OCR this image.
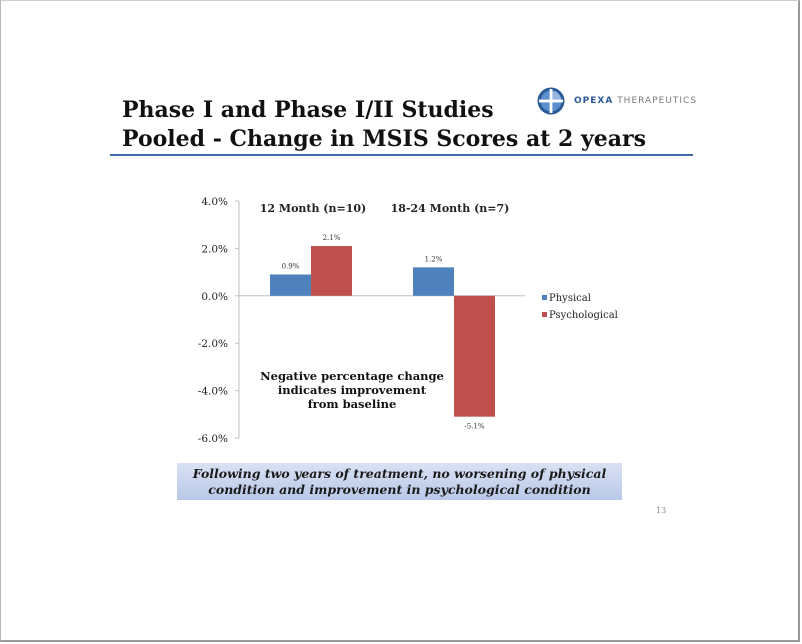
Phase I and Phase I/II Studies
Pooled - Change in MSIS Scores at 2 years
OPEXA THERAPEUTICS
4.0%
2.0%
0.0%
-2.0%
-4.0%
-6.0%
0.9%
1.2%
2.1%
-5.1%
12 Month (n=10) 18-24 Month (n=7)
Physical
Psychological
Negative percentage change
indicates improvement
from baseline
Following two years of treatment, no worsening of physical
condition and improvement in psychological condition
13
